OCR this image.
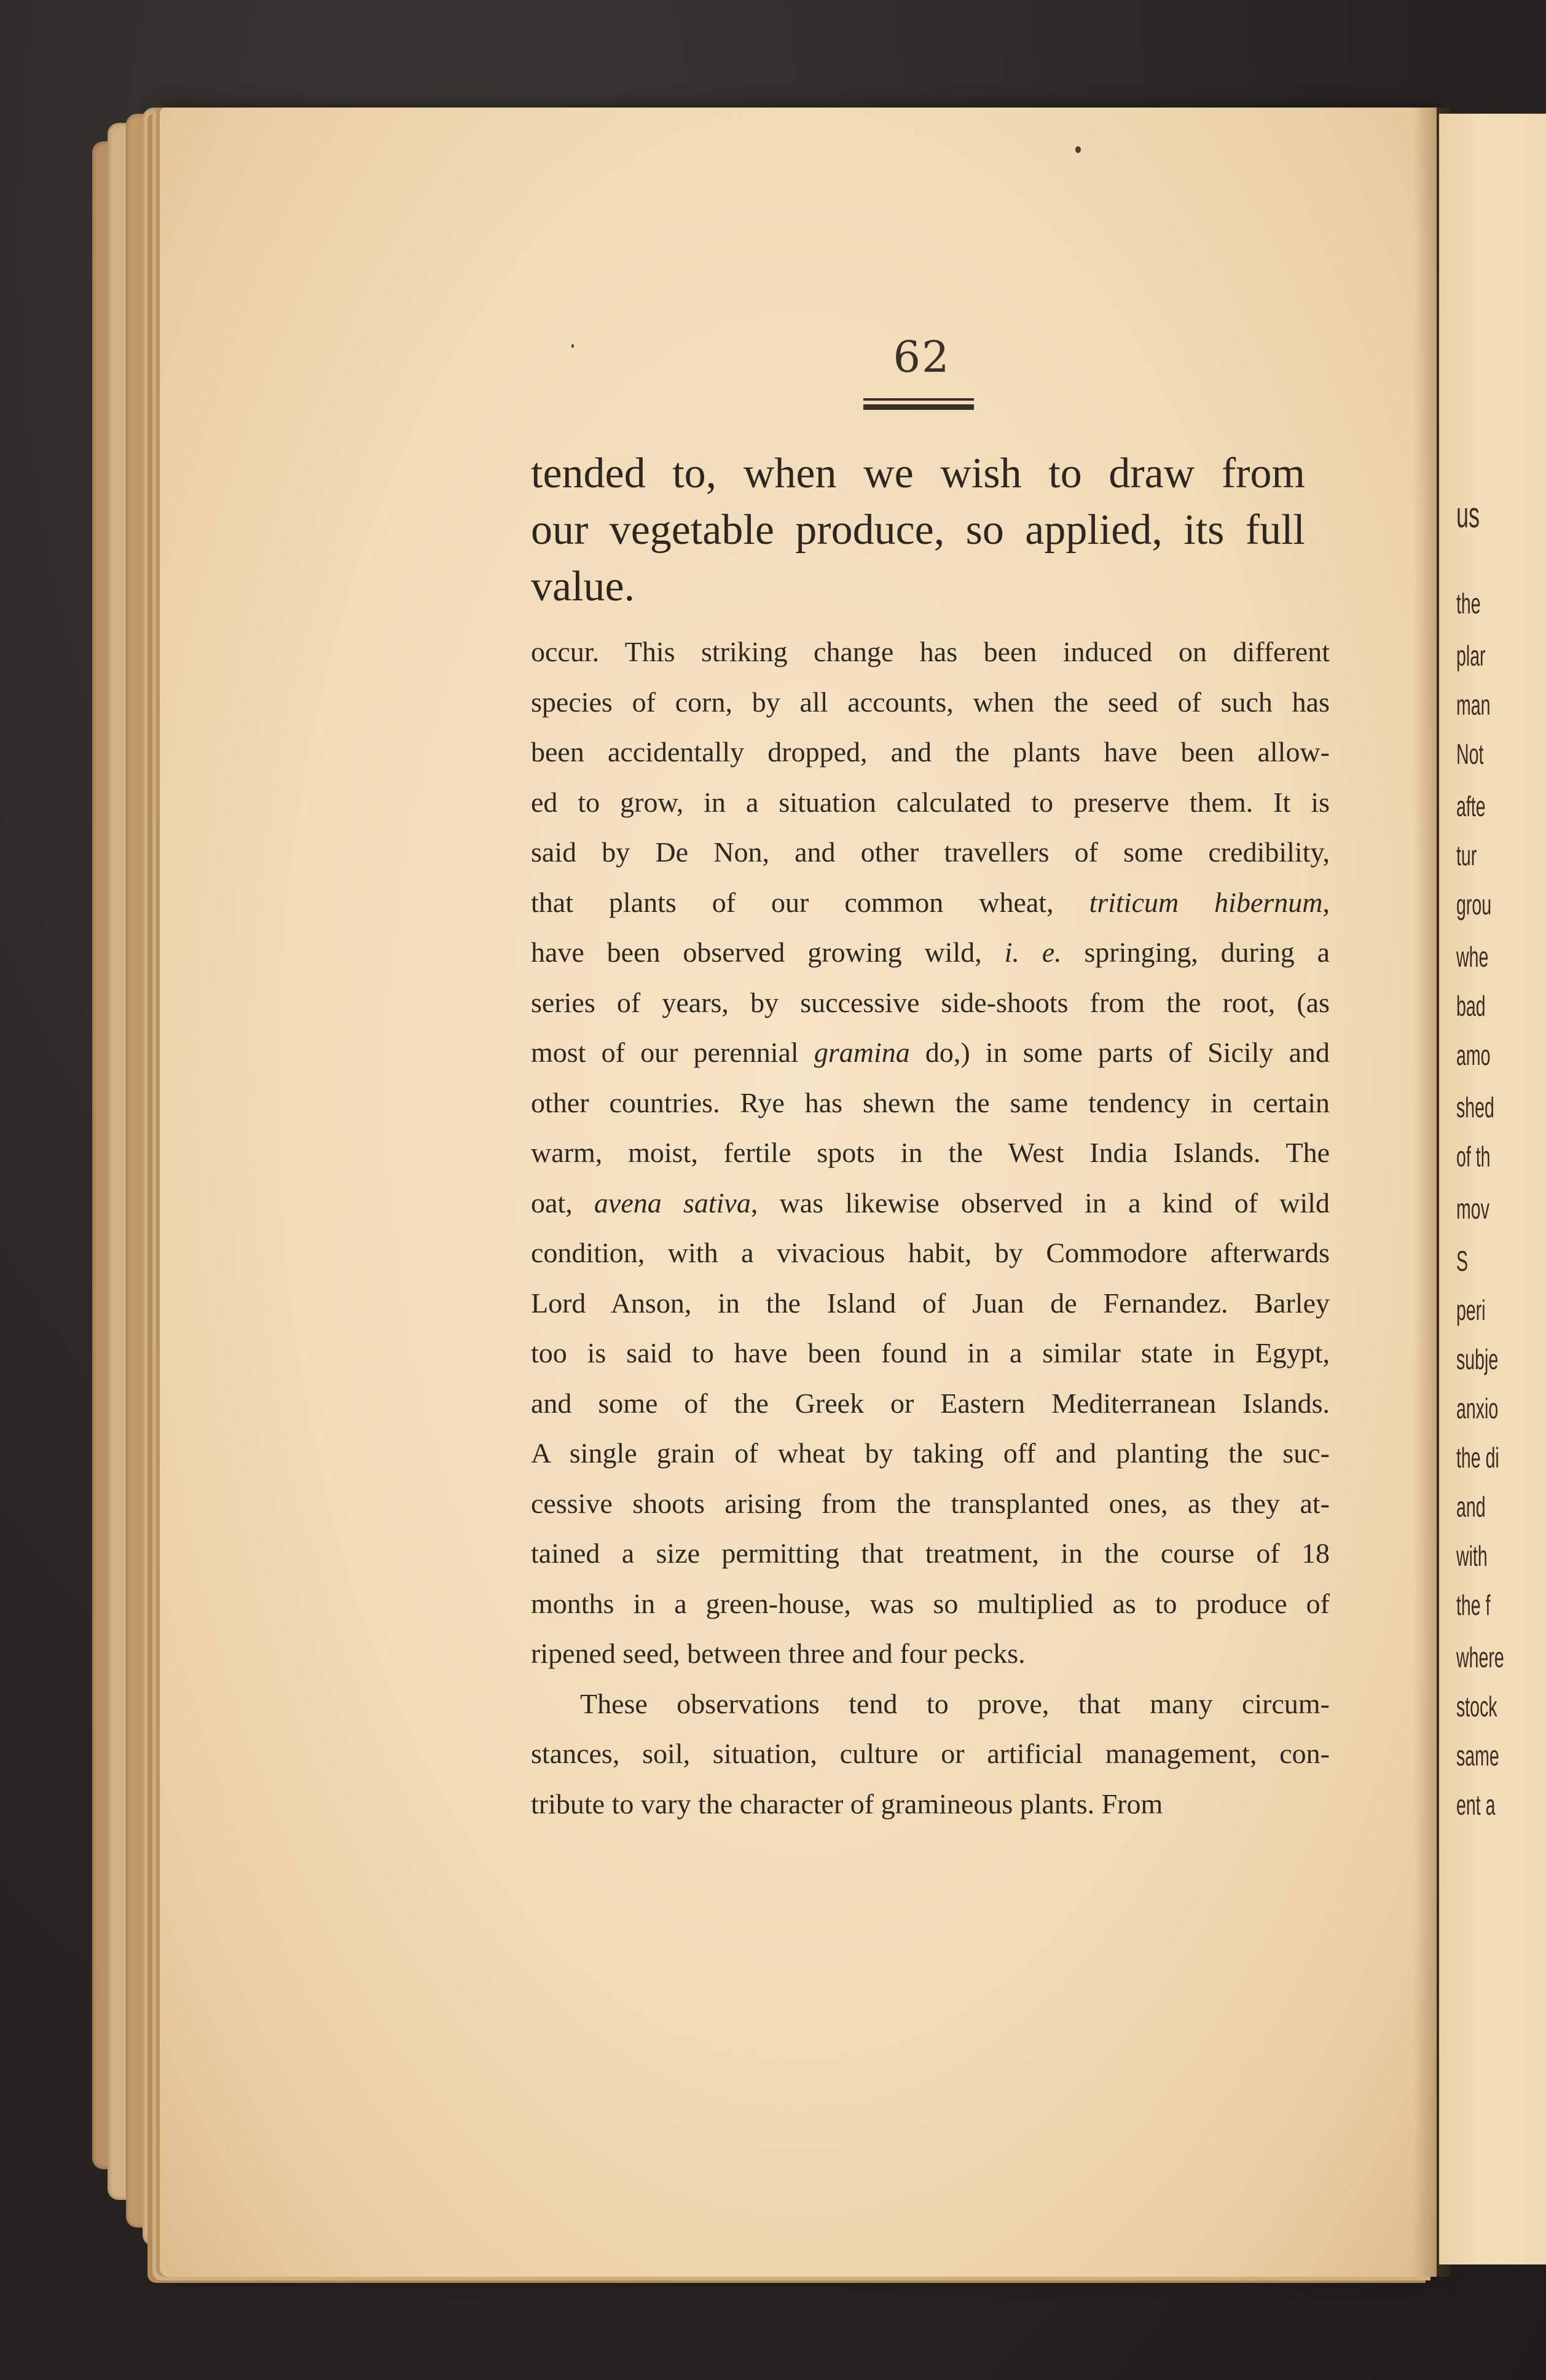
us
the
plar
man
Not
afte
tur
grou
whe
bad
amo
shed
of th
mov
S
peri
subje
anxio
the di
and
with
the f
where
stock
same
ent a
62
tended to, when we wish to draw from
our vegetable produce, so applied, its full
value.
occur. This striking change has been induced on different
species of corn, by all accounts, when the seed of such has
been accidentally dropped, and the plants have been allow-
ed to grow, in a situation calculated to preserve them. It is
said by De Non, and other travellers of some credibility,
that plants of our common wheat, triticum hibernum,
have been observed growing wild, i. e. springing, during a
series of years, by successive side-shoots from the root, (as
most of our perennial gramina do,) in some parts of Sicily and
other countries. Rye has shewn the same tendency in certain
warm, moist, fertile spots in the West India Islands. The
oat, avena sativa, was likewise observed in a kind of wild
condition, with a vivacious habit, by Commodore afterwards
Lord Anson, in the Island of Juan de Fernandez. Barley
too is said to have been found in a similar state in Egypt,
and some of the Greek or Eastern Mediterranean Islands.
A single grain of wheat by taking off and planting the suc-
cessive shoots arising from the transplanted ones, as they at-
tained a size permitting that treatment, in the course of 18
months in a green-house, was so multiplied as to produce of
ripened seed, between three and four pecks.
These observations tend to prove, that many circum-
stances, soil, situation, culture or artificial management, con-
tribute to vary the character of gramineous plants. From
